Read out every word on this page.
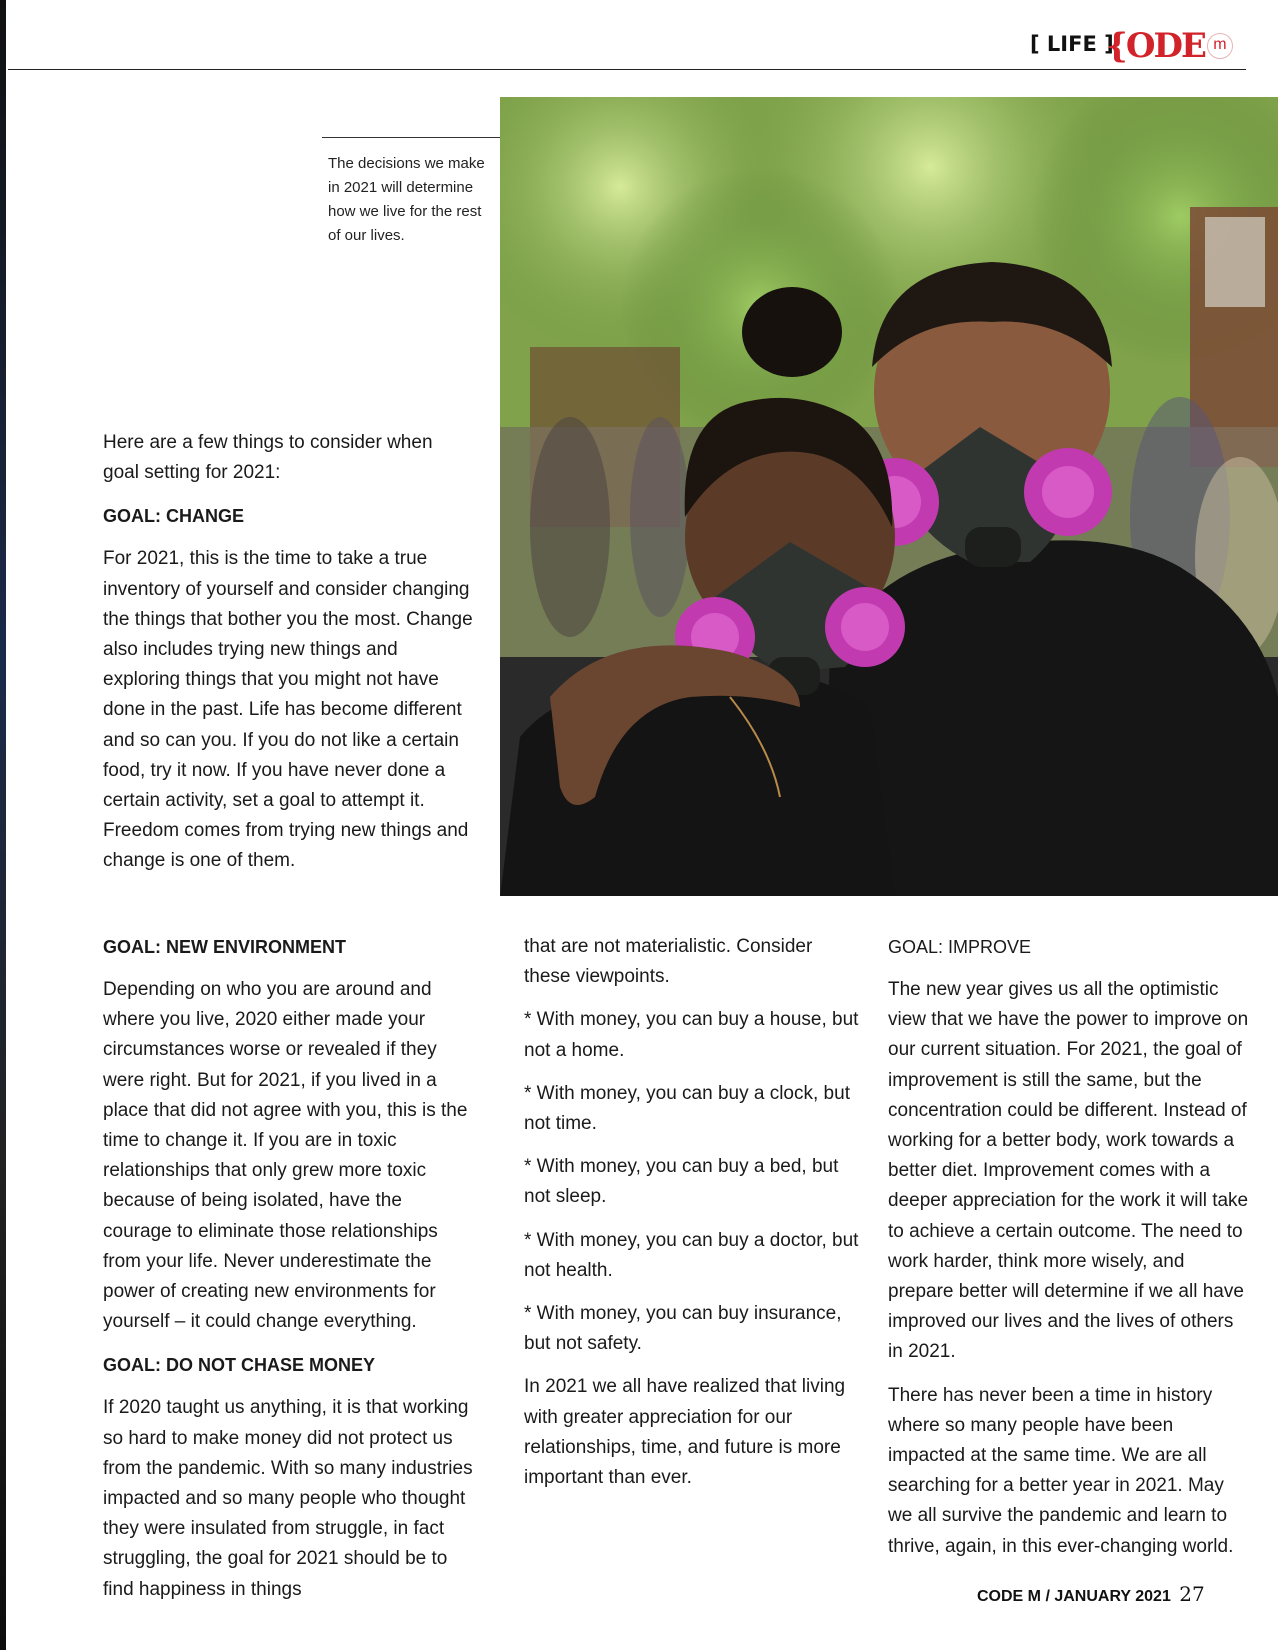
[ LIFE ]
{ODE m
The decisions we make in 2021 will determine how we live for the rest of our lives.

Here are a few things to consider when goal setting for 2021:

GOAL: CHANGE

For 2021, this is the time to take a true inventory of yourself and consider changing the things that bother you the most. Change also includes trying new things and exploring things that you might not have done in the past. Life has become different and so can you. If you do not like a certain food, try it now. If you have never done a certain activity, set a goal to attempt it. Freedom comes from trying new things and change is one of them.

GOAL: NEW ENVIRONMENT

Depending on who you are around and where you live, 2020 either made your circumstances worse or revealed if they were right. But for 2021, if you lived in a place that did not agree with you, this is the time to change it. If you are in toxic relationships that only grew more toxic because of being isolated, have the courage to eliminate those relationships from your life. Never underestimate the power of creating new environments for yourself – it could change everything.

GOAL: DO NOT CHASE MONEY

If 2020 taught us anything, it is that working so hard to make money did not protect us from the pandemic. With so many industries impacted and so many people who thought they were insulated from struggle, in fact struggling, the goal for 2021 should be to find happiness in things

that are not materialistic. Consider these viewpoints.

* With money, you can buy a house, but not a home.

* With money, you can buy a clock, but not time.

* With money, you can buy a bed, but not sleep.

* With money, you can buy a doctor, but not health.

* With money, you can buy insurance, but not safety.

In 2021 we all have realized that living with greater appreciation for our relationships, time, and future is more important than ever.

GOAL: IMPROVE

The new year gives us all the optimistic view that we have the power to improve on our current situation. For 2021, the goal of improvement is still the same, but the concentration could be different. Instead of working for a better body, work towards a better diet. Improvement comes with a deeper appreciation for the work it will take to achieve a certain outcome. The need to work harder, think more wisely, and prepare better will determine if we all have improved our lives and the lives of others in 2021.

There has never been a time in history where so many people have been impacted at the same time. We are all searching for a better year in 2021. May we all survive the pandemic and learn to thrive, again, in this ever-changing world.

CODE M / JANUARY 2021 27
